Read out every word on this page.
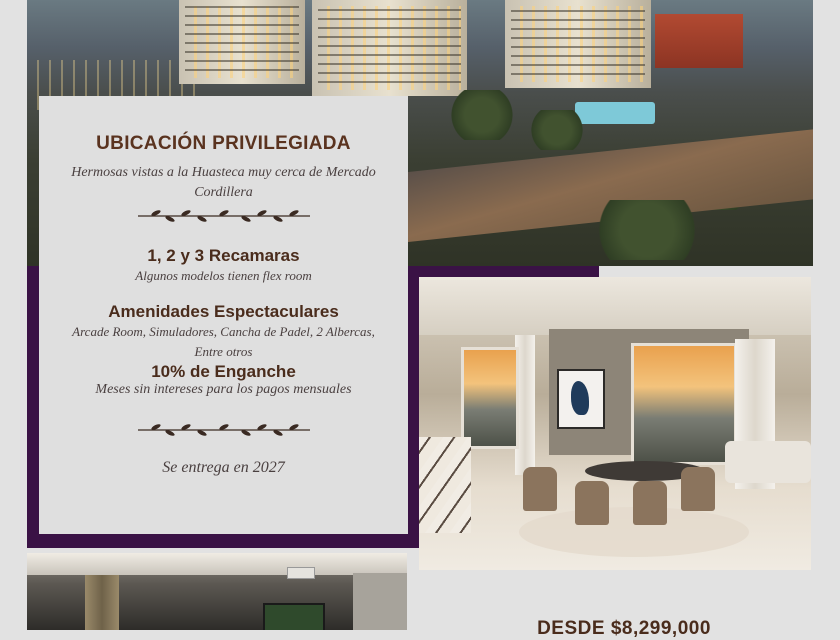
UBICACIÓN PRIVILEGIADA
Hermosas vistas a la Huasteca muy cerca de Mercado Cordillera
1, 2 y 3 Recamaras
Algunos modelos tienen flex room
Amenidades Espectaculares
Arcade Room, Simuladores, Cancha de Padel, 2 Albercas, Entre otros
10% de Enganche
Meses sin intereses para los pagos mensuales
Se entrega en 2027
DESDE $8,299,000
